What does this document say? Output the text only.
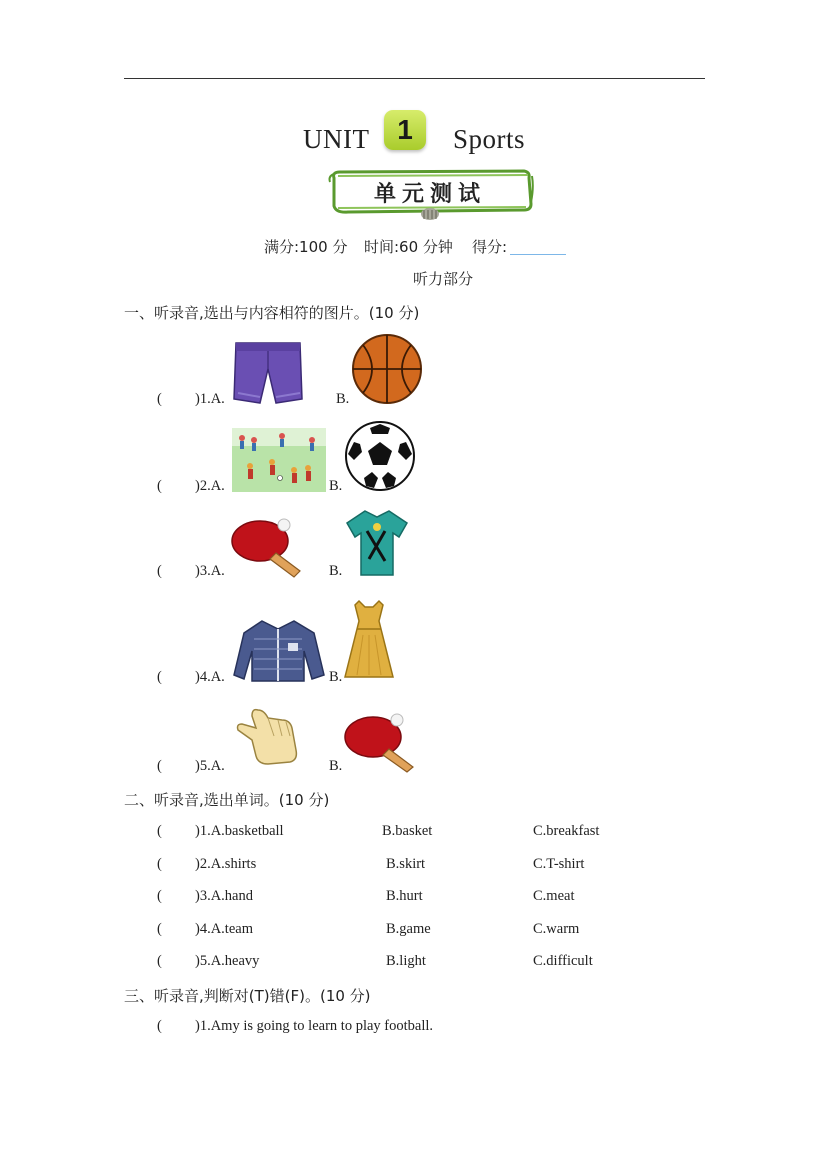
UNIT 1	Sports
单元测试
满分:100 分 时间:60 分钟 得分:
听力部分
一、听录音,选出与内容相符的图片。(10 分)
( )1.A.	B.
( )2.A.	B.
( )3.A.	B.
( )4.A.	B.
( )5.A.	B.
二、听录音,选出单词。(10 分)
( )1.A.basketball	B.basket	C.breakfast
( )2.A.shirts	B.skirt	C.T-shirt
( )3.A.hand	B.hurt	C.meat
( )4.A.team	B.game	C.warm
( )5.A.heavy	B.light	C.difficult
三、听录音,判断对(T)错(F)。(10 分)
( )1.Amy is going to learn to play football.
